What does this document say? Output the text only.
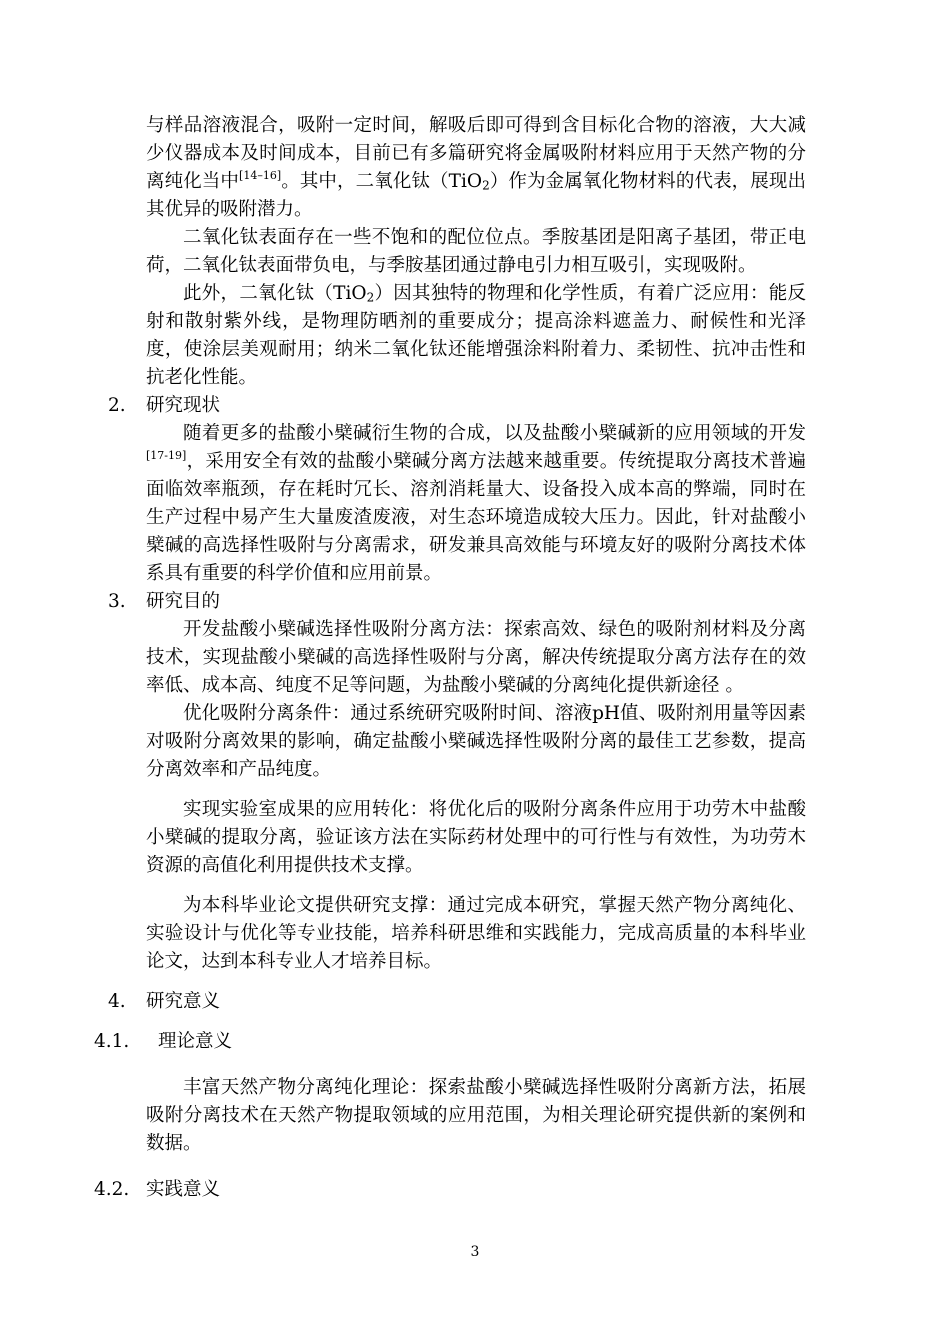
与样品溶液混合，吸附一定时间，解吸后即可得到含目标化合物的溶液，大大减少仪器成本及时间成本，目前已有多篇研究将金属吸附材料应用于天然产物的分离纯化当中[14–16]。其中，二氧化钛（TiO$_2$）作为金属氧化物材料的代表，展现出其优异的吸附潜力。

二氧化钛表面存在一些不饱和的配位位点。季胺基团是阳离子基团，带正电荷，二氧化钛表面带负电，与季胺基团通过静电引力相互吸引，实现吸附。

此外，二氧化钛（TiO$_2$）因其独特的物理和化学性质，有着广泛应用：能反射和散射紫外线，是物理防晒剂的重要成分；提高涂料遮盖力、耐候性和光泽度，使涂层美观耐用；纳米二氧化钛还能增强涂料附着力、柔韧性、抗冲击性和抗老化性能。

2. 研究现状

随着更多的盐酸小檗碱衍生物的合成，以及盐酸小檗碱新的应用领域的开发[17-19]，采用安全有效的盐酸小檗碱分离方法越来越重要。传统提取分离技术普遍面临效率瓶颈，存在耗时冗长、溶剂消耗量大、设备投入成本高的弊端，同时在生产过程中易产生大量废渣废液，对生态环境造成较大压力。因此，针对盐酸小檗碱的高选择性吸附与分离需求，研发兼具高效能与环境友好的吸附分离技术体系具有重要的科学价值和应用前景。

3. 研究目的

开发盐酸小檗碱选择性吸附分离方法：探索高效、绿色的吸附剂材料及分离技术，实现盐酸小檗碱的高选择性吸附与分离，解决传统提取分离方法存在的效率低、成本高、纯度不足等问题，为盐酸小檗碱的分离纯化提供新途径 。

优化吸附分离条件：通过系统研究吸附时间、溶液pH值、吸附剂用量等因素对吸附分离效果的影响，确定盐酸小檗碱选择性吸附分离的最佳工艺参数，提高分离效率和产品纯度。

实现实验室成果的应用转化：将优化后的吸附分离条件应用于功劳木中盐酸小檗碱的提取分离，验证该方法在实际药材处理中的可行性与有效性，为功劳木资源的高值化利用提供技术支撑。

为本科毕业论文提供研究支撑：通过完成本研究，掌握天然产物分离纯化、实验设计与优化等专业技能，培养科研思维和实践能力，完成高质量的本科毕业论文，达到本科专业人才培养目标。

4. 研究意义
4.1. 理论意义

丰富天然产物分离纯化理论：探索盐酸小檗碱选择性吸附分离新方法，拓展吸附分离技术在天然产物提取领域的应用范围，为相关理论研究提供新的案例和数据。

4.2. 实践意义
3
